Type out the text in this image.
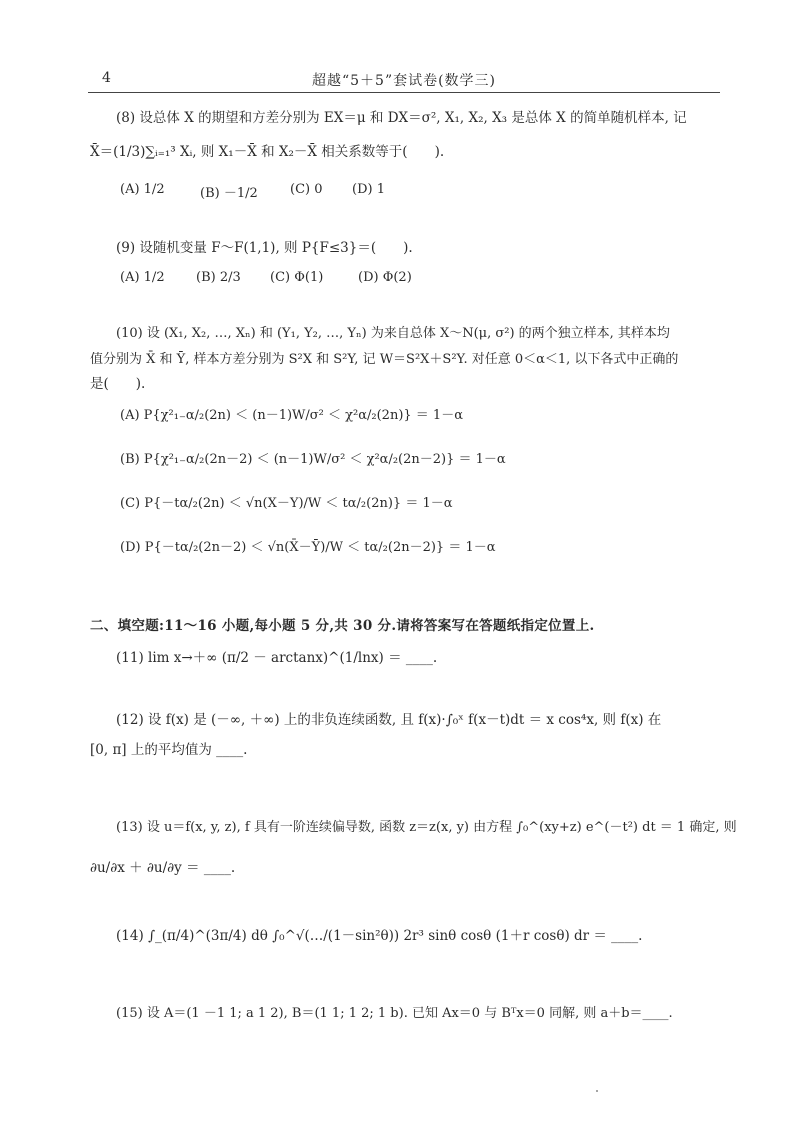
4	超越“5＋5”套试卷(数学三)
(8) 设总体 X 的期望和方差分别为 EX＝μ 和 DX＝σ², X₁, X₂, X₃ 是总体 X 的简单随机样本, 记
X̄＝(1/3)∑ᵢ₌₁³ Xᵢ, 则 X₁－X̄ 和 X₂－X̄ 相关系数等于(　　).
(A) 1/2	(B) －1/2 (C) 0 (D) 1
(9) 设随机变量 F～F(1,1), 则 P{F≤3}＝(　　).
(A) 1/2 (B) 2/3 (C) Φ(1)	(D) Φ(2)
(10) 设 (X₁, X₂, …, Xₙ) 和 (Y₁, Y₂, …, Yₙ) 为来自总体 X～N(μ, σ²) 的两个独立样本, 其样本均
值分别为 X̄ 和 Ȳ, 样本方差分别为 S²X 和 S²Y, 记 W＝S²X＋S²Y. 对任意 0＜α＜1, 以下各式中正确的
是(　　).
(A) P{χ²₁₋α/₂(2n) ＜ (n－1)W/σ² ＜ χ²α/₂(2n)} ＝ 1－α
(B) P{χ²₁₋α/₂(2n－2) ＜ (n－1)W/σ² ＜ χ²α/₂(2n－2)} ＝ 1－α
(C) P{－tα/₂(2n) ＜ √n(X－Y)/W ＜ tα/₂(2n)} ＝ 1－α
(D) P{－tα/₂(2n－2) ＜ √n(X̄－Ȳ)/W ＜ tα/₂(2n－2)} ＝ 1－α
二、填空题:11～16 小题,每小题 5 分,共 30 分.请将答案写在答题纸指定位置上.
(11) lim x→＋∞ (π/2 － arctanx)^(1/lnx) ＝ ____.
(12) 设 f(x) 是 (－∞, ＋∞) 上的非负连续函数, 且 f(x)·∫₀ˣ f(x－t)dt ＝ x cos⁴x, 则 f(x) 在
[0, π] 上的平均值为 ____.
(13) 设 u＝f(x, y, z), f 具有一阶连续偏导数, 函数 z＝z(x, y) 由方程 ∫₀^(xy+z) e^(－t²) dt ＝ 1 确定, 则
∂u/∂x ＋ ∂u/∂y ＝ ____.
(14) ∫_(π/4)^(3π/4) dθ ∫₀^√(…/(1－sin²θ)) 2r³ sinθ cosθ (1＋r cosθ) dr ＝ ____.
(15) 设 A＝(1 －1 1; a 1 2), B＝(1 1; 1 2; 1 b). 已知 Ax＝0 与 Bᵀx＝0 同解, 则 a＋b＝____.
